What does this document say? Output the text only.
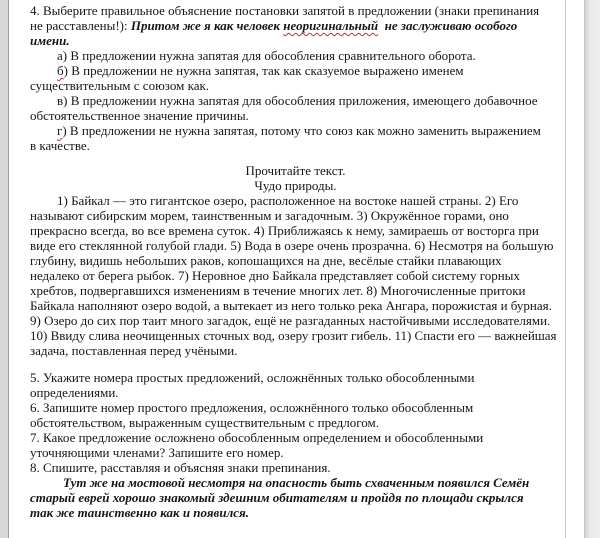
4. Выберите правильное объяснение постановки запятой в предложении (знаки препинания
не расставлены!): Притом же я как человек неоригинальный  не заслуживаю особого
имени.
а) В предложении нужна запятая для обособления сравнительного оборота.
б) В предложении не нужна запятая, так как сказуемое выражено именем
существительным с союзом как.
в) В предложении нужна запятая для обособления приложения, имеющего добавочное
обстоятельственное значение причины.
г) В предложении не нужна запятая, потому что союз как можно заменить выражением
в качестве.
Прочитайте текст.
Чудо природы.
1) Байкал — это гигантское озеро, расположенное на востоке нашей страны. 2) Его
называют сибирским морем, таинственным и загадочным. 3) Окружённое горами, оно
прекрасно всегда, во все времена суток. 4) Приближаясь к нему, замираешь от восторга при
виде его стеклянной голубой глади. 5) Вода в озере очень прозрачна. 6) Несмотря на большую
глубину, видишь небольших раков, копошащихся на дне, весёлые стайки плавающих
недалеко от берега рыбок. 7) Неровное дно Байкала представляет собой систему горных
хребтов, подвергавшихся изменениям в течение многих лет. 8) Многочисленные притоки
Байкала наполняют озеро водой, а вытекает из него только река Ангара, порожистая и бурная.
9) Озеро до сих пор таит много загадок, ещё не разгаданных настойчивыми исследователями.
10) Ввиду слива неочищенных сточных вод, озеру грозит гибель. 11) Спасти его — важнейшая
задача, поставленная перед учёными.
5. Укажите номера простых предложений, осложнённых только обособленными
определениями.
6. Запишите номер простого предложения, осложнённого только обособленным
обстоятельством, выраженным существительным с предлогом.
7. Какое предложение осложнено обособленным определением и обособленными
уточняющими членами? Запишите его номер.
8. Спишите, расставляя и объясняя знаки препинания.
Тут же на мостовой несмотря на опасность быть схваченным появился Семён
старый еврей хорошо знакомый здешним обитателям и пройдя по площади скрылся
так же таинственно как и появился.
